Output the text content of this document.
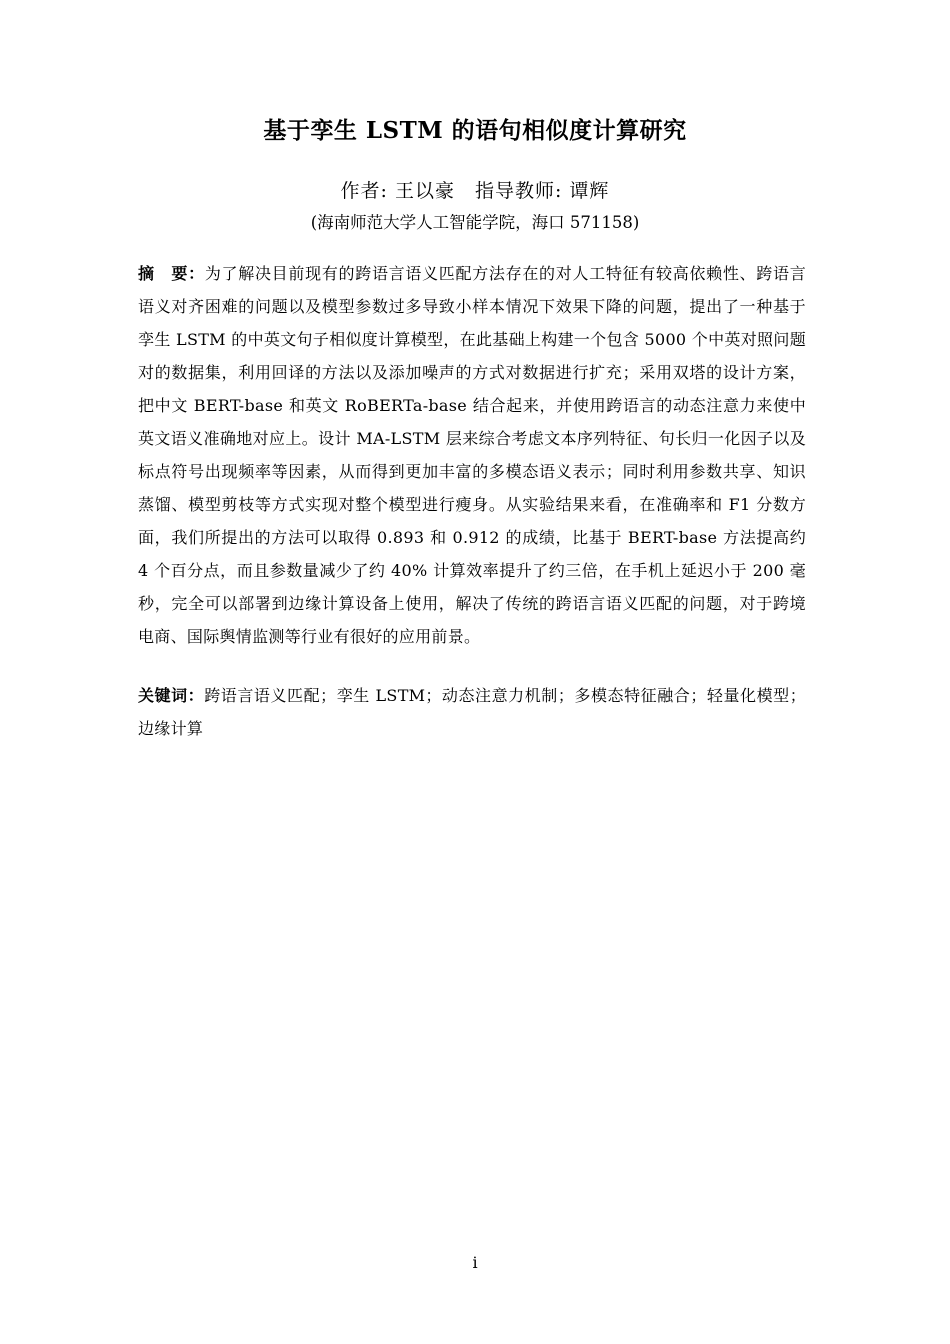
基于孪生 LSTM 的语句相似度计算研究
作者: 王以豪　指导教师: 谭辉
(海南师范大学人工智能学院，海口 571158)
摘　要：为了解决目前现有的跨语言语义匹配方法存在的对人工特征有较高依赖性、跨语言语义对齐困难的问题以及模型参数过多导致小样本情况下效果下降的问题，提出了一种基于孪生 LSTM 的中英文句子相似度计算模型，在此基础上构建一个包含 5000 个中英对照问题对的数据集，利用回译的方法以及添加噪声的方式对数据进行扩充；采用双塔的设计方案，把中文 BERT-base 和英文 RoBERTa-base 结合起来，并使用跨语言的动态注意力来使中英文语义准确地对应上。设计 MA-LSTM 层来综合考虑文本序列特征、句长归一化因子以及标点符号出现频率等因素，从而得到更加丰富的多模态语义表示；同时利用参数共享、知识蒸馏、模型剪枝等方式实现对整个模型进行瘦身。从实验结果来看，在准确率和 F1 分数方面，我们所提出的方法可以取得 0.893 和 0.912 的成绩，比基于 BERT-base 方法提高约 4 个百分点，而且参数量减少了约 40% 计算效率提升了约三倍，在手机上延迟小于 200 毫秒，完全可以部署到边缘计算设备上使用，解决了传统的跨语言语义匹配的问题，对于跨境电商、国际舆情监测等行业有很好的应用前景。
关键词：跨语言语义匹配；孪生 LSTM；动态注意力机制；多模态特征融合；轻量化模型；边缘计算
i
